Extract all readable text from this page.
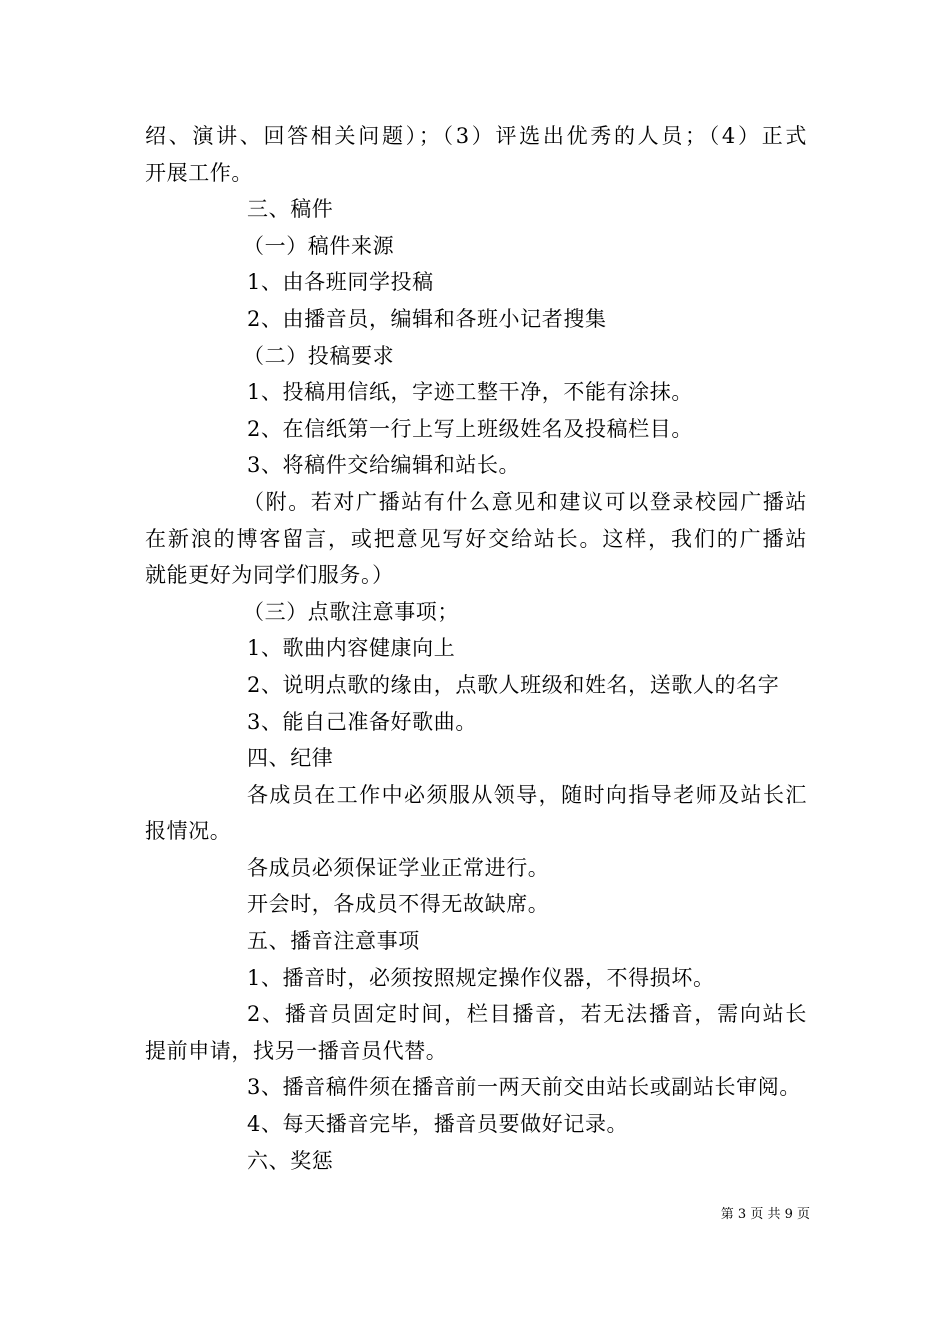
绍、演讲、回答相关问题）；（3）评选出优秀的人员；（4）正式
开展工作。
三、稿件
（一）稿件来源
1、由各班同学投稿
2、由播音员，编辑和各班小记者搜集
（二）投稿要求
1、投稿用信纸，字迹工整干净，不能有涂抹。
2、在信纸第一行上写上班级姓名及投稿栏目。
3、将稿件交给编辑和站长。
（附。若对广播站有什么意见和建议可以登录校园广播站
在新浪的博客留言，或把意见写好交给站长。这样，我们的广播站
就能更好为同学们服务。）
（三）点歌注意事项；
1、歌曲内容健康向上
2、说明点歌的缘由，点歌人班级和姓名，送歌人的名字
3、能自己准备好歌曲。
四、纪律
各成员在工作中必须服从领导，随时向指导老师及站长汇
报情况。
各成员必须保证学业正常进行。
开会时，各成员不得无故缺席。
五、播音注意事项
1、播音时，必须按照规定操作仪器，不得损坏。
2、播音员固定时间，栏目播音，若无法播音，需向站长
提前申请，找另一播音员代替。
3、播音稿件须在播音前一两天前交由站长或副站长审阅。
4、每天播音完毕，播音员要做好记录。
六、奖惩
第 3 页 共 9 页
